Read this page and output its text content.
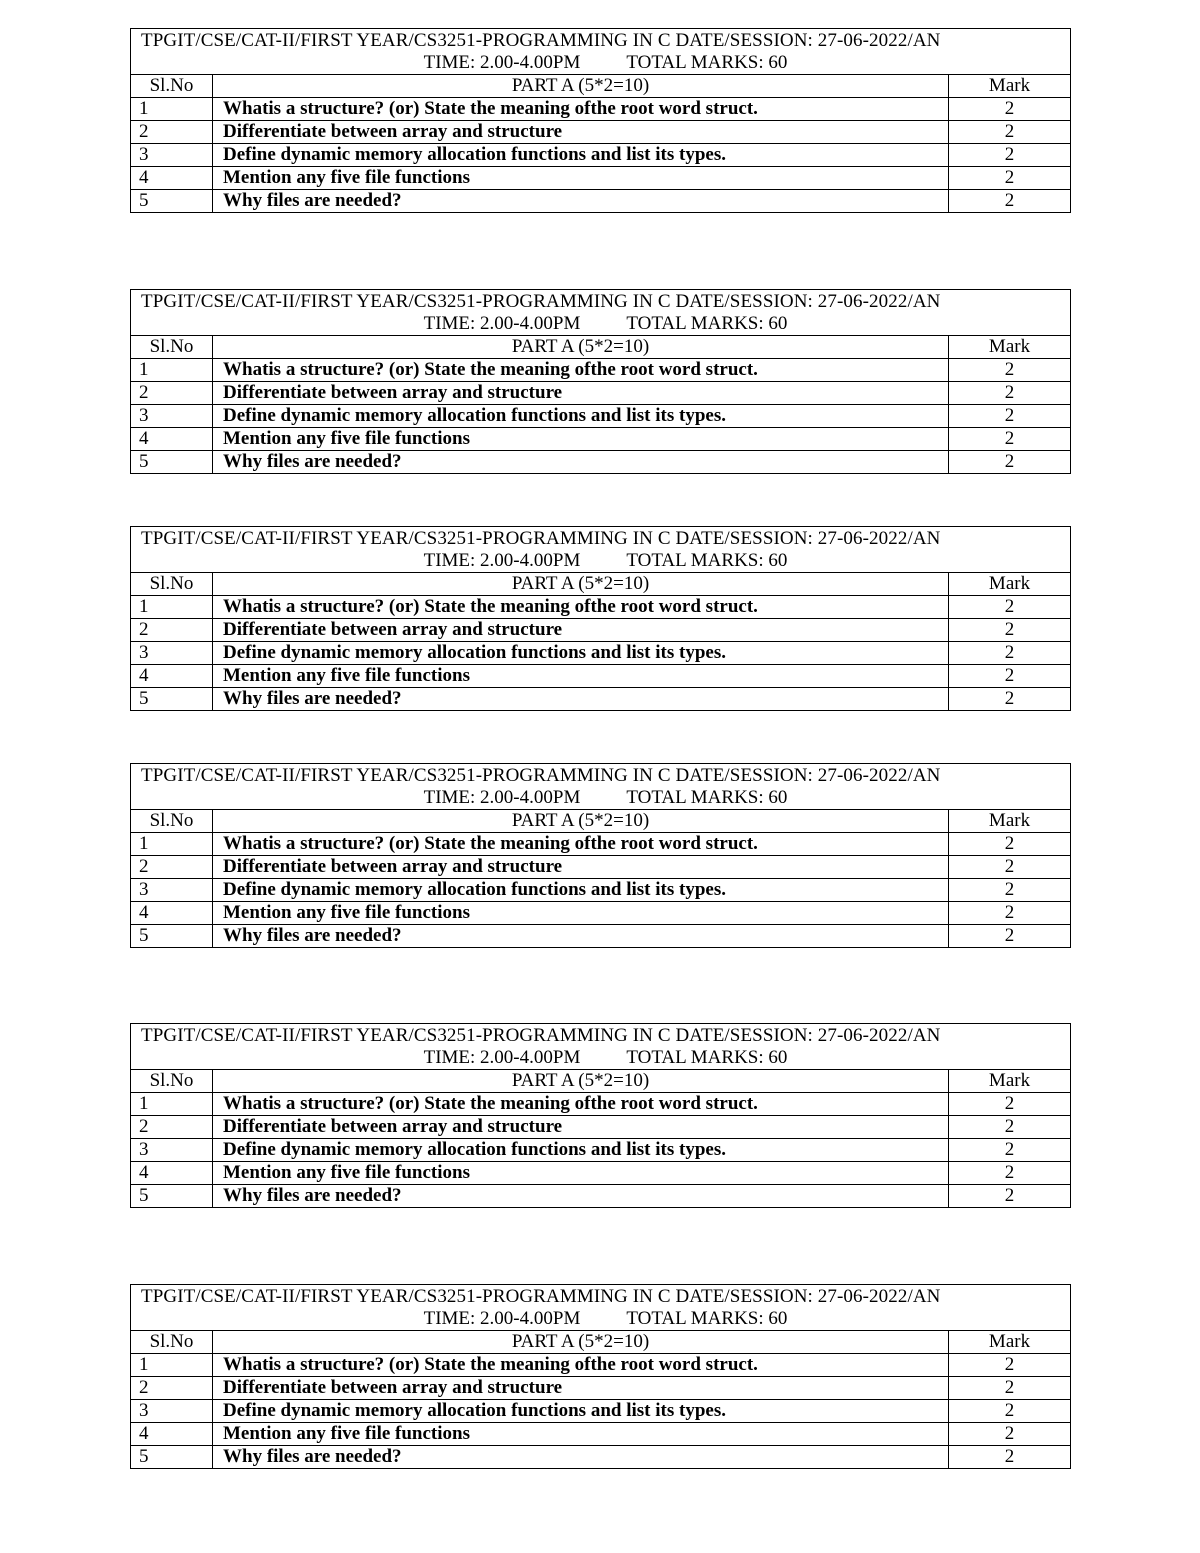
TPGIT/CSE/CAT-II/FIRST YEAR/CS3251-PROGRAMMING IN C DATE/SESSION: 27-06-2022/AN
TIME: 2.00-4.00PM TOTAL MARKS: 60		

Sl.No	PART A (5*2=10)	Mark
1	Whatis a structure? (or) State the meaning ofthe root word struct.	2
2	Differentiate between array and structure	2
3	Define dynamic memory allocation functions and list its types.	2
4	Mention any five file functions	2
5	Why files are needed?	2
TPGIT/CSE/CAT-II/FIRST YEAR/CS3251-PROGRAMMING IN C DATE/SESSION: 27-06-2022/AN
TIME: 2.00-4.00PM TOTAL MARKS: 60		

Sl.No	PART A (5*2=10)	Mark
1	Whatis a structure? (or) State the meaning ofthe root word struct.	2
2	Differentiate between array and structure	2
3	Define dynamic memory allocation functions and list its types.	2
4	Mention any five file functions	2
5	Why files are needed?	2
TPGIT/CSE/CAT-II/FIRST YEAR/CS3251-PROGRAMMING IN C DATE/SESSION: 27-06-2022/AN
TIME: 2.00-4.00PM TOTAL MARKS: 60		

Sl.No	PART A (5*2=10)	Mark
1	Whatis a structure? (or) State the meaning ofthe root word struct.	2
2	Differentiate between array and structure	2
3	Define dynamic memory allocation functions and list its types.	2
4	Mention any five file functions	2
5	Why files are needed?	2
TPGIT/CSE/CAT-II/FIRST YEAR/CS3251-PROGRAMMING IN C DATE/SESSION: 27-06-2022/AN
TIME: 2.00-4.00PM TOTAL MARKS: 60		

Sl.No	PART A (5*2=10)	Mark
1	Whatis a structure? (or) State the meaning ofthe root word struct.	2
2	Differentiate between array and structure	2
3	Define dynamic memory allocation functions and list its types.	2
4	Mention any five file functions	2
5	Why files are needed?	2
TPGIT/CSE/CAT-II/FIRST YEAR/CS3251-PROGRAMMING IN C DATE/SESSION: 27-06-2022/AN
TIME: 2.00-4.00PM TOTAL MARKS: 60		

Sl.No	PART A (5*2=10)	Mark
1	Whatis a structure? (or) State the meaning ofthe root word struct.	2
2	Differentiate between array and structure	2
3	Define dynamic memory allocation functions and list its types.	2
4	Mention any five file functions	2
5	Why files are needed?	2
TPGIT/CSE/CAT-II/FIRST YEAR/CS3251-PROGRAMMING IN C DATE/SESSION: 27-06-2022/AN
TIME: 2.00-4.00PM TOTAL MARKS: 60		

Sl.No	PART A (5*2=10)	Mark
1	Whatis a structure? (or) State the meaning ofthe root word struct.	2
2	Differentiate between array and structure	2
3	Define dynamic memory allocation functions and list its types.	2
4	Mention any five file functions	2
5	Why files are needed?	2
